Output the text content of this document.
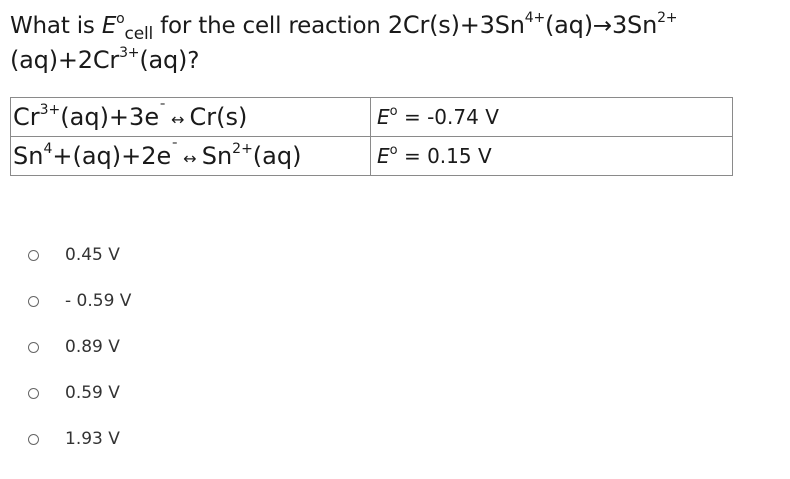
What is $E^o_{cell}$ for the cell reaction $2Cr(s)+3Sn^{4+}(aq)\to 3Sn^{2+}$
$(aq)+2Cr^{3+}(aq)$?
$Cr^{3+}(aq)+3e^¯$ ↔ Cr(s)	$E^o = -0.74$ V
$Sn^4+(aq)+2e^¯$ ↔ $Sn^{2+}(aq)$	$E^o = 0.15$ V
0.45 V
- 0.59 V
0.89 V
0.59 V
1.93 V
